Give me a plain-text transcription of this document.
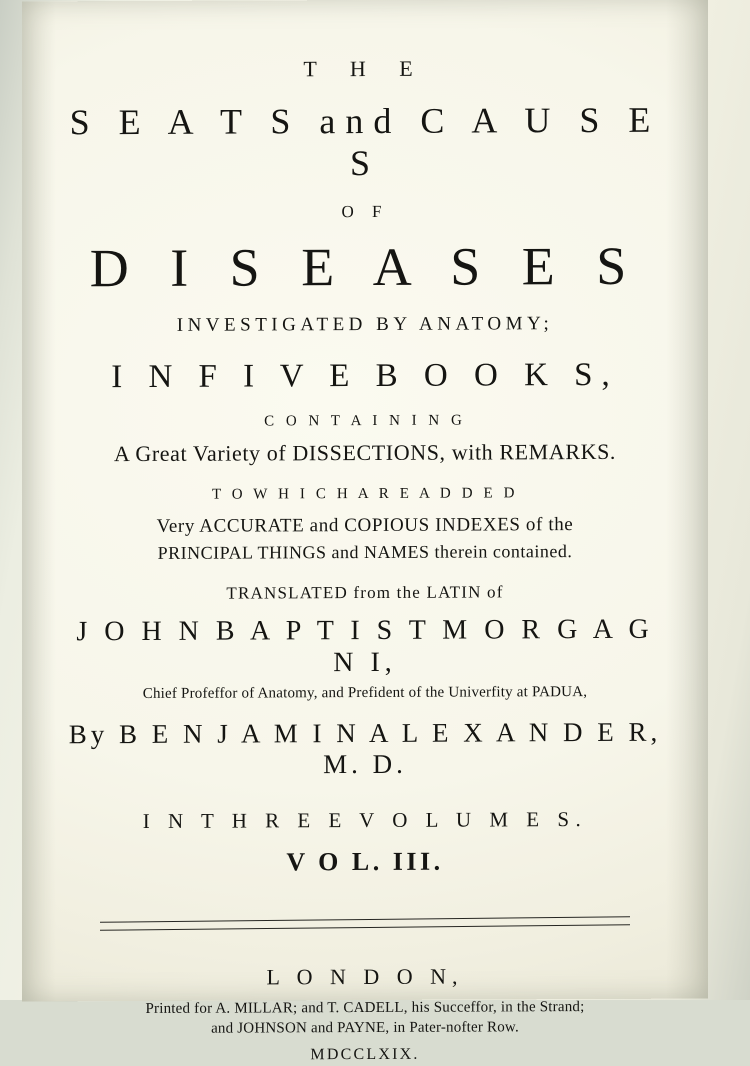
T H E
S E A T S and C A U S E S
O F
D I S E A S E S
INVESTIGATED BY ANATOMY;
I N F I V E B O O K S,
C O N T A I N I N G
A Great Variety of DISSECTIONS, with REMARKS.
T O W H I C H A R E A D D E D
Very ACCURATE and COPIOUS INDEXES of the
PRINCIPAL THINGS and NAMES therein contained.
TRANSLATED from the LATIN of
J O H N B A P T I S T M O R G A G N I,
Chief Profeffor of Anatomy, and Prefident of the Univerfity at PADUA,
By B E N J A M I N A L E X A N D E R, M. D.
I N T H R E E V O L U M E S.
V O L. III.
L O N D O N,
Printed for A. MILLAR; and T. CADELL, his Succeffor, in the Strand;
and JOHNSON and PAYNE, in Pater-nofter Row.
MDCCLXIX.
